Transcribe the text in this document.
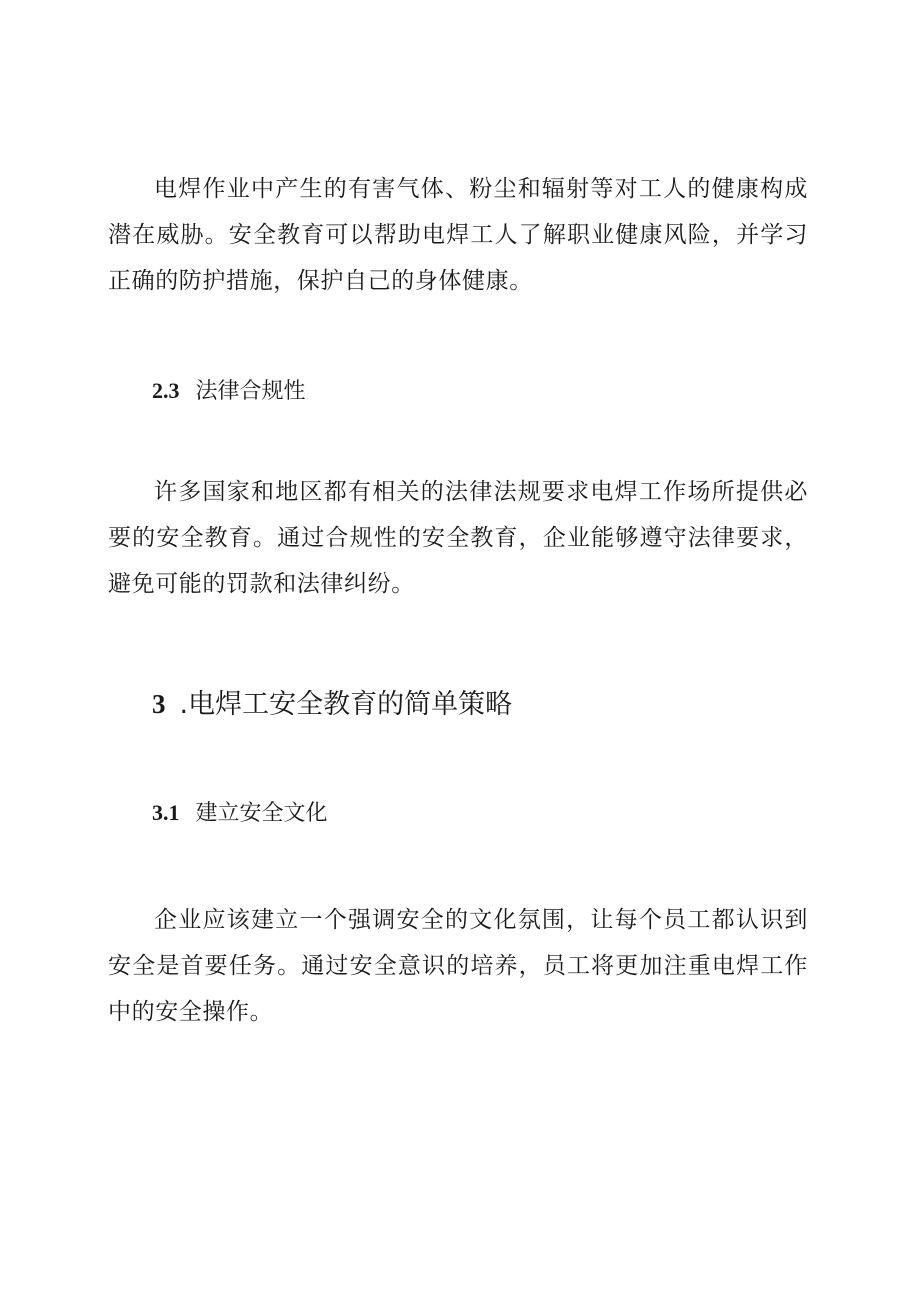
电焊作业中产生的有害气体、粉尘和辐射等对工人的健康构成潜在威胁。安全教育可以帮助电焊工人了解职业健康风险，并学习正确的防护措施，保护自己的身体健康。

2.3 法律合规性

许多国家和地区都有相关的法律法规要求电焊工作场所提供必要的安全教育。通过合规性的安全教育，企业能够遵守法律要求，避免可能的罚款和法律纠纷。

3 .电焊工安全教育的简单策略
3.1 建立安全文化

企业应该建立一个强调安全的文化氛围，让每个员工都认识到安全是首要任务。通过安全意识的培养，员工将更加注重电焊工作中的安全操作。
